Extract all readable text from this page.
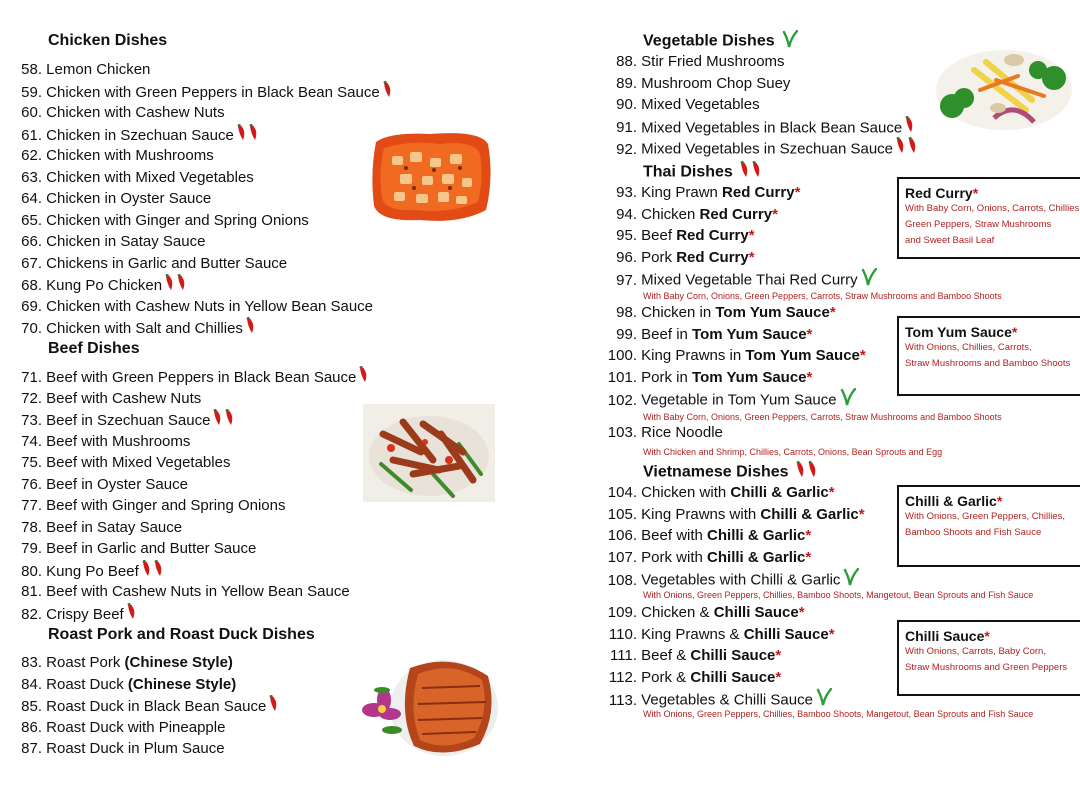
Chicken Dishes
58. Lemon Chicken
59. Chicken with Green Peppers in Black Bean Sauce
60. Chicken with Cashew Nuts
61. Chicken in Szechuan Sauce
62. Chicken with Mushrooms
63. Chicken with Mixed Vegetables
64. Chicken in Oyster Sauce
65. Chicken with Ginger and Spring Onions
66. Chicken in Satay Sauce
67. Chickens in Garlic and Butter Sauce
68. Kung Po Chicken
69. Chicken with Cashew Nuts in Yellow Bean Sauce
70. Chicken with Salt and Chillies
Beef Dishes
71. Beef with Green Peppers in Black Bean Sauce
72. Beef with Cashew Nuts
73. Beef in Szechuan Sauce
74. Beef with Mushrooms
75. Beef with Mixed Vegetables
76. Beef in Oyster Sauce
77. Beef with Ginger and Spring Onions
78. Beef in Satay Sauce
79. Beef in Garlic and Butter Sauce
80. Kung Po Beef
81. Beef with Cashew Nuts in Yellow Bean Sauce
82. Crispy Beef
Roast Pork and Roast Duck Dishes
83. Roast Pork (Chinese Style)
84. Roast Duck (Chinese Style)
85. Roast Duck in Black Bean Sauce
86. Roast Duck with Pineapple
87. Roast Duck in Plum Sauce
Vegetable Dishes
88. Stir Fried Mushrooms
89. Mushroom Chop Suey
90. Mixed Vegetables
91. Mixed Vegetables in Black Bean Sauce
92. Mixed Vegetables in Szechuan Sauce
Thai Dishes
93. King Prawn Red Curry*
94. Chicken Red Curry*
95. Beef Red Curry*
96. Pork Red Curry*
97. Mixed Vegetable Thai Red Curry
98. Chicken in Tom Yum Sauce*
99. Beef in Tom Yum Sauce*
100. King Prawns in Tom Yum Sauce*
101. Pork in Tom Yum Sauce*
102. Vegetable in Tom Yum Sauce
103. Rice Noodle
With Baby Corn, Onions, Green Peppers, Carrots, Straw Mushrooms and Bamboo Shoots
With Baby Corn, Onions, Green Peppers, Carrots, Straw Mushrooms and Bamboo Shoots
With Chicken and Shrimp, Chillies, Carrots, Onions, Bean Sprouts and Egg
Vietnamese Dishes
104. Chicken with Chilli & Garlic*
105. King Prawns with Chilli & Garlic*
106. Beef with Chilli & Garlic*
107. Pork with Chilli & Garlic*
108. Vegetables with Chilli & Garlic
109. Chicken & Chilli Sauce*
110. King Prawns & Chilli Sauce*
111. Beef & Chilli Sauce*
112. Pork & Chilli Sauce*
113. Vegetables & Chilli Sauce
With Onions, Green Peppers, Chillies, Bamboo Shoots, Mangetout, Bean Sprouts and Fish Sauce
With Onions, Green Peppers, Chillies, Bamboo Shoots, Mangetout, Bean Sprouts and Fish Sauce
Red Curry*
With Baby Corn, Onions, Carrots, Chillies
Green Peppers, Straw Mushrooms
and Sweet Basil Leaf
Tom Yum Sauce*
With Onions, Chillies, Carrots,
Straw Mushrooms and Bamboo Shoots
Chilli & Garlic*
With Onions, Green Peppers, Chillies,
Bamboo Shoots and Fish Sauce
Chilli Sauce*
With Onions, Carrots, Baby Corn,
Straw Mushrooms and Green Peppers
